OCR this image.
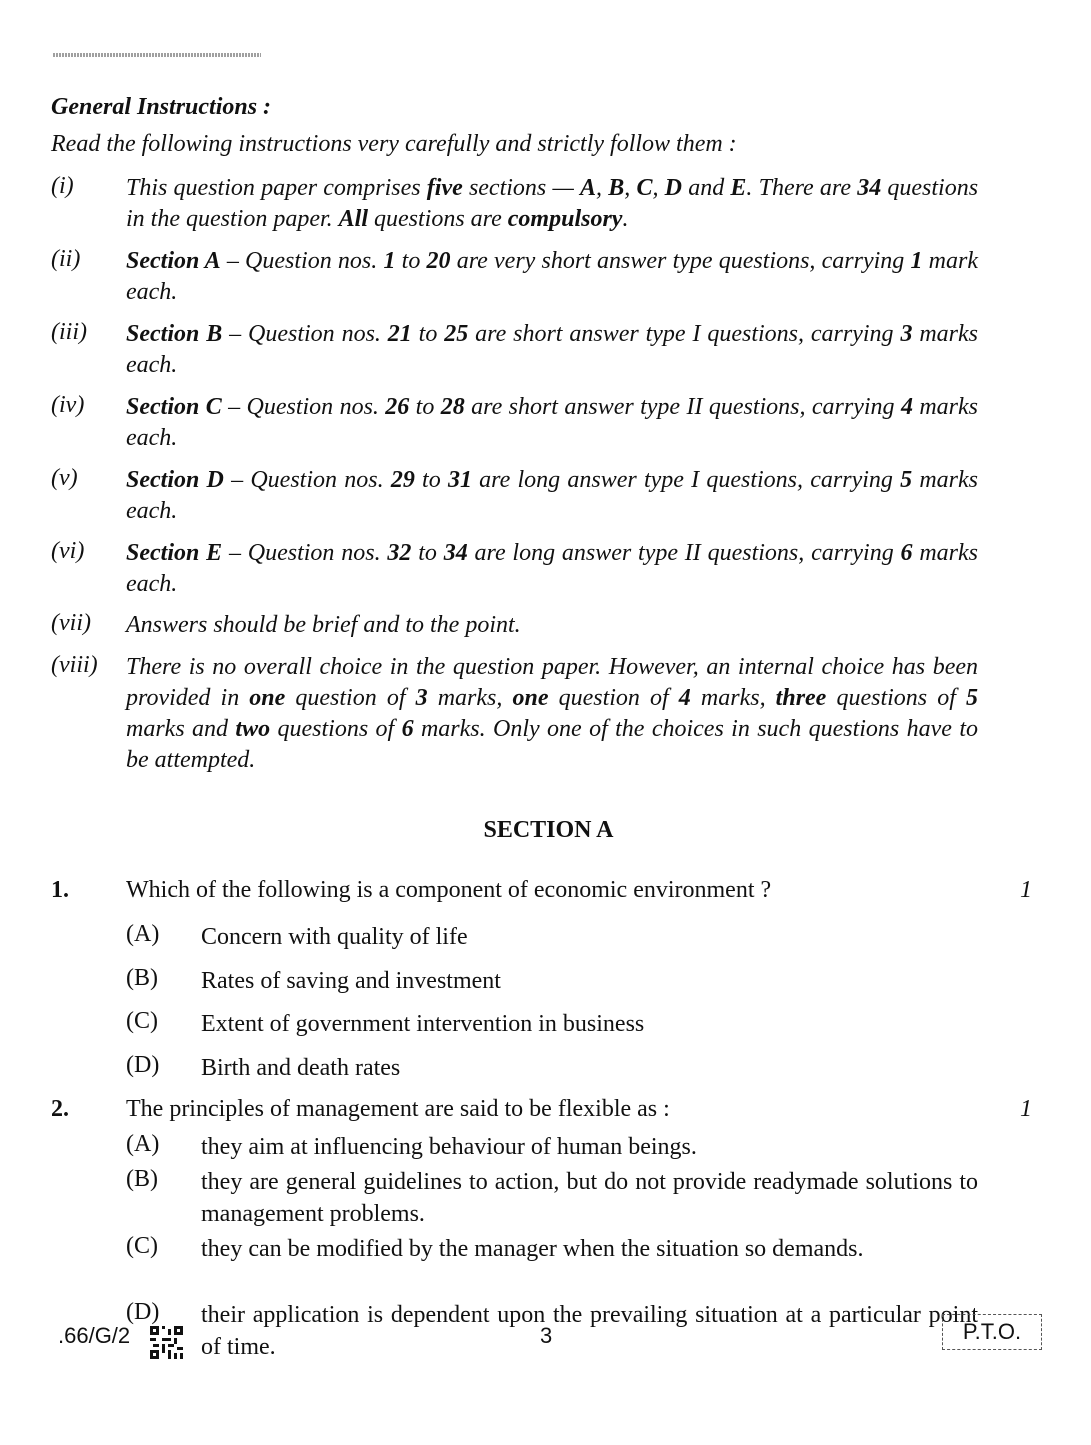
General Instructions :
Read the following instructions very carefully and strictly follow them :
(i) This question paper comprises five sections — A, B, C, D and E. There are 34 questions in the question paper. All questions are compulsory.
(ii) Section A – Question nos. 1 to 20 are very short answer type questions, carrying 1 mark each.
(iii) Section B – Question nos. 21 to 25 are short answer type I questions, carrying 3 marks each.
(iv) Section C – Question nos. 26 to 28 are short answer type II questions, carrying 4 marks each.
(v) Section D – Question nos. 29 to 31 are long answer type I questions, carrying 5 marks each.
(vi) Section E – Question nos. 32 to 34 are long answer type II questions, carrying 6 marks each.
(vii) Answers should be brief and to the point.
(viii) There is no overall choice in the question paper. However, an internal choice has been provided in one question of 3 marks, one question of 4 marks, three questions of 5 marks and two questions of 6 marks. Only one of the choices in such questions have to be attempted.
SECTION A
1. Which of the following is a component of economic environment ?	1
(A) Concern with quality of life
(B) Rates of saving and investment
(C) Extent of government intervention in business
(D) Birth and death rates
2. The principles of management are said to be flexible as :	1
(A) they aim at influencing behaviour of human beings.
(B) they are general guidelines to action, but do not provide readymade solutions to management problems.
(C) they can be modified by the manager when the situation so demands.
(D) their application is dependent upon the prevailing situation at a particular point of time.
.66/G/2	3	P.T.O.
